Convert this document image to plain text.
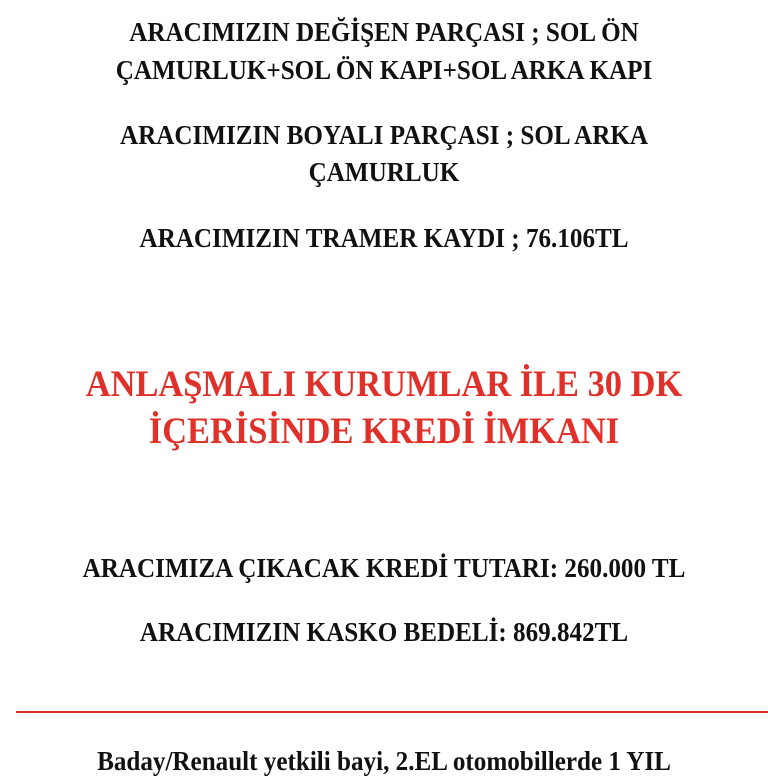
ARACIMIZIN DEĞİŞEN PARÇASI ; SOL ÖN
ÇAMURLUK+SOL ÖN KAPI+SOL ARKA KAPI
ARACIMIZIN BOYALI PARÇASI ; SOL ARKA
ÇAMURLUK
ARACIMIZIN TRAMER KAYDI ; 76.106TL
ANLAŞMALI KURUMLAR İLE 30 DK
İÇERİSİNDE KREDİ İMKANI
ARACIMIZA ÇIKACAK KREDİ TUTARI: 260.000 TL
ARACIMIZIN KASKO BEDELİ: 869.842TL
Baday/Renault yetkili bayi, 2.EL otomobillerde 1 YIL
